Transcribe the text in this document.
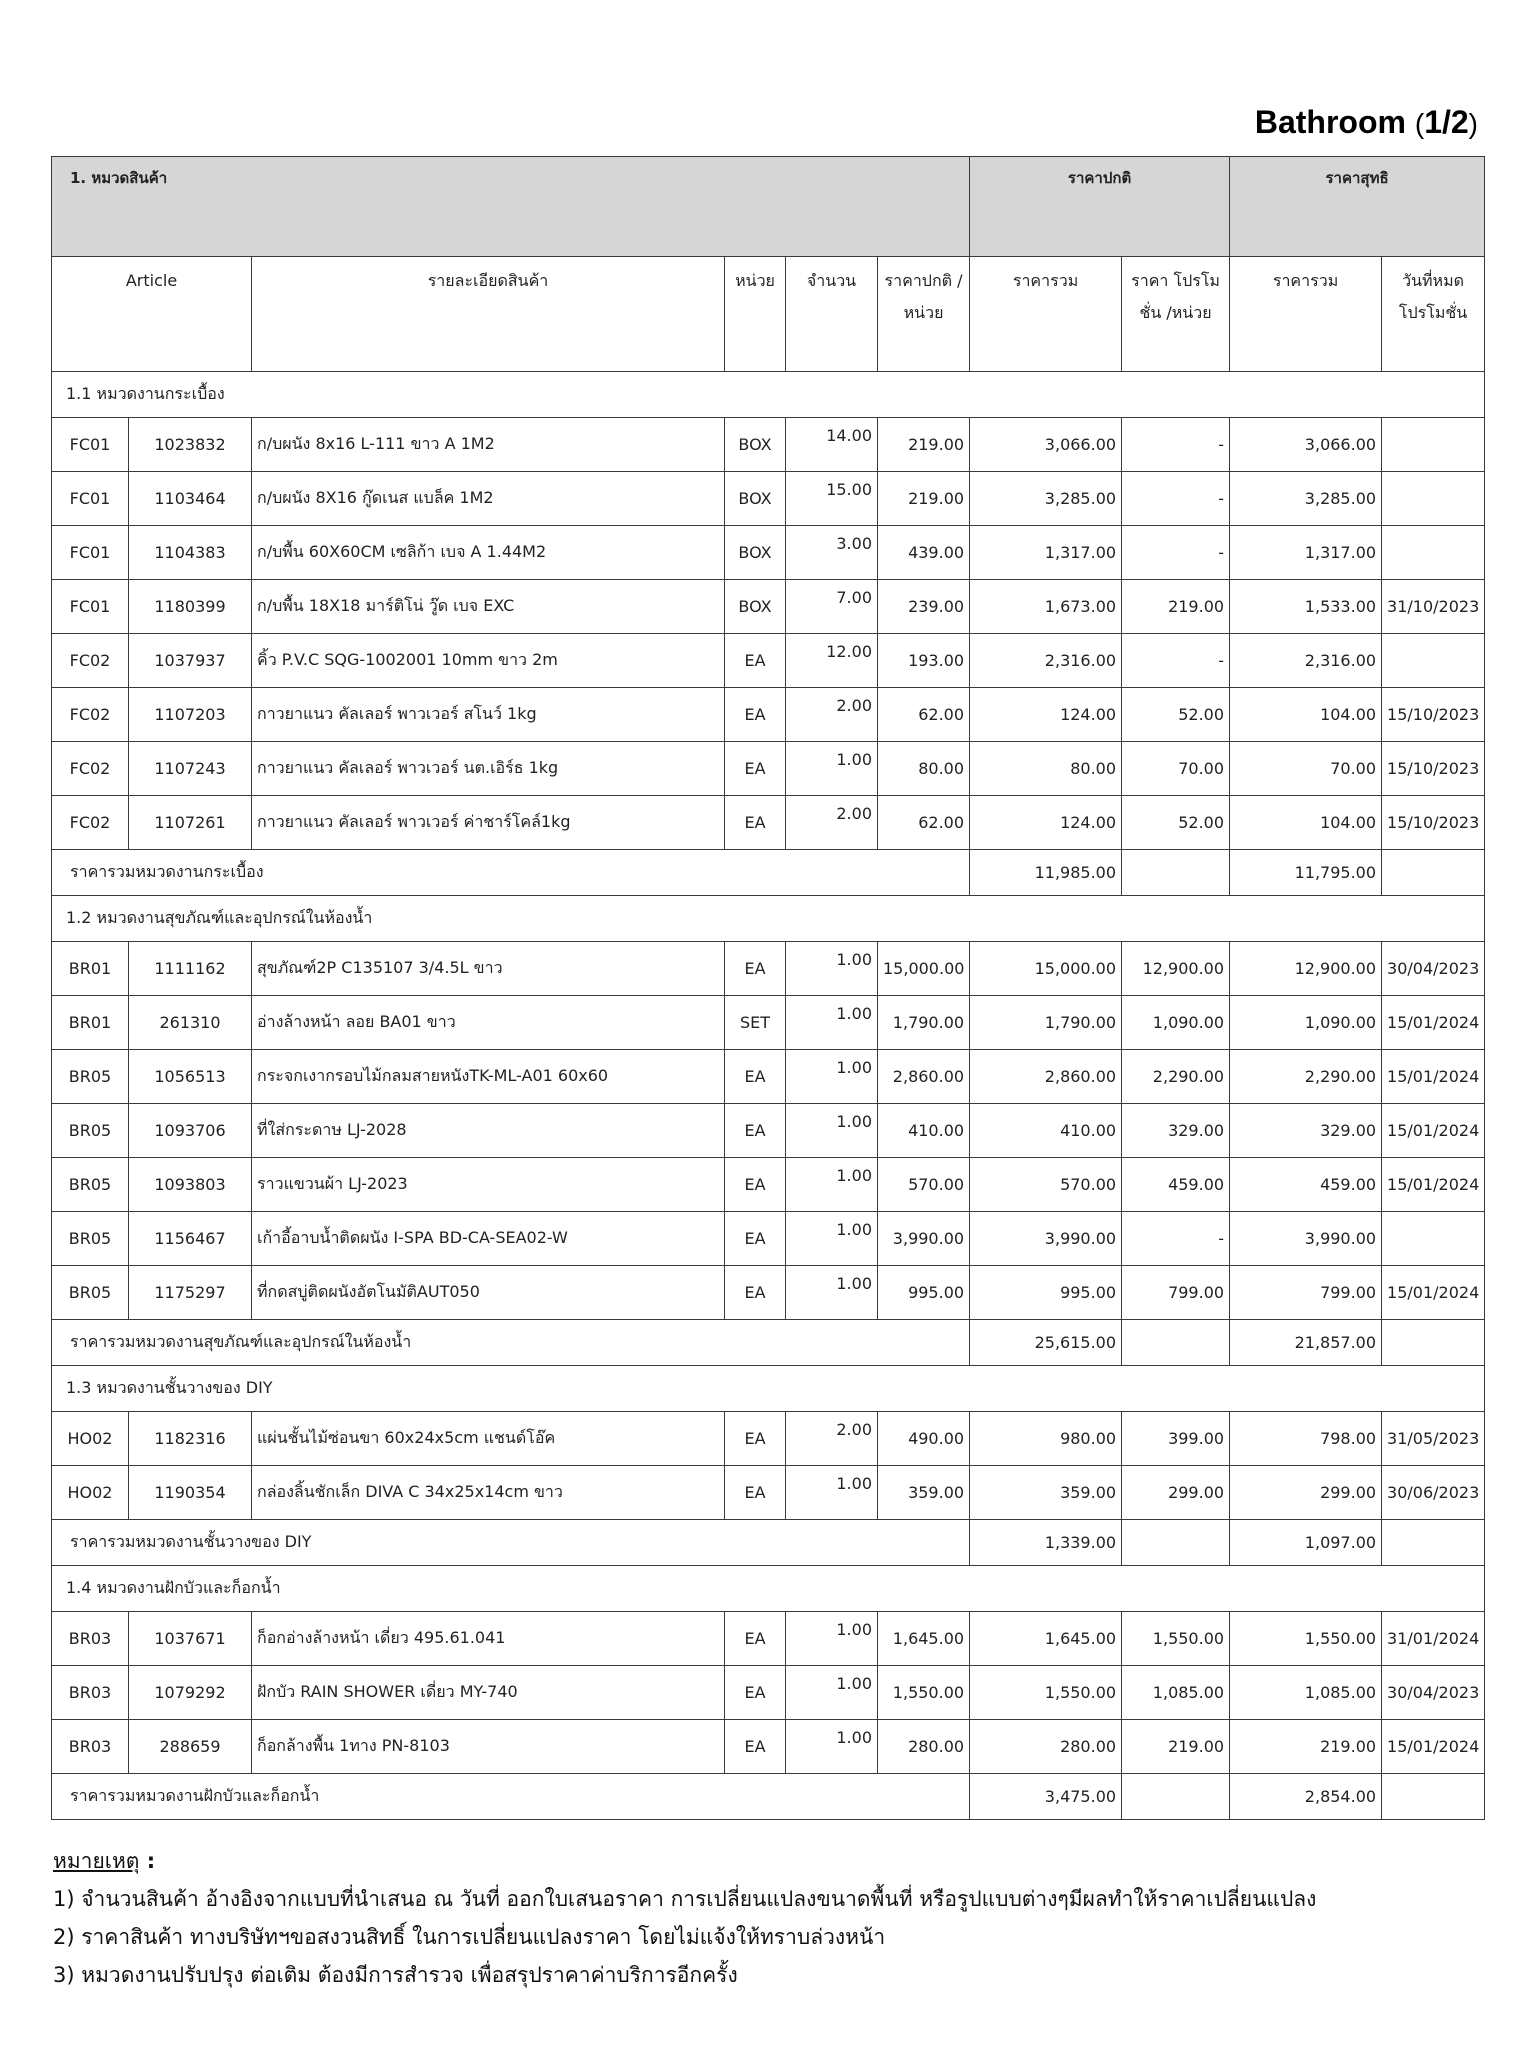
Bathroom (1/2)
1. หมวดสินค้า						ราคาปกติ		ราคาสุทธิ	
Article		รายละเอียดสินค้า	หน่วย	จำนวน	ราคาปกติ /หน่วย	ราคารวม	ราคา โปรโมชั่น /หน่วย	ราคารวม	วันที่หมด โปรโมชั่น
1.1 หมวดงานกระเบื้อง									
FC01	1023832	ก/บผนัง 8x16 L-111 ขาว A 1M2	BOX	14.00	219.00	3,066.00	-	3,066.00	
FC01	1103464	ก/บผนัง 8X16 กู๊ดเนส แบล็ค 1M2	BOX	15.00	219.00	3,285.00	-	3,285.00	
FC01	1104383	ก/บพื้น 60X60CM เซลิก้า เบจ A 1.44M2	BOX	3.00	439.00	1,317.00	-	1,317.00	
FC01	1180399	ก/บพื้น 18X18 มาร์ติโน่ วู๊ด เบจ EXC	BOX	7.00	239.00	1,673.00	219.00	1,533.00	31/10/2023
FC02	1037937	คิ้ว P.V.C SQG-1002001 10mm ขาว 2m	EA	12.00	193.00	2,316.00	-	2,316.00	
FC02	1107203	กาวยาแนว คัลเลอร์ พาวเวอร์ สโนว์ 1kg	EA	2.00	62.00	124.00	52.00	104.00	15/10/2023
FC02	1107243	กาวยาแนว คัลเลอร์ พาวเวอร์ นต.เอิร์ธ 1kg	EA	1.00	80.00	80.00	70.00	70.00	15/10/2023
FC02	1107261	กาวยาแนว คัลเลอร์ พาวเวอร์ ค่าชาร์โคล์1kg	EA	2.00	62.00	124.00	52.00	104.00	15/10/2023
ราคารวมหมวดงานกระเบื้อง						11,985.00		11,795.00	
1.2 หมวดงานสุขภัณฑ์และอุปกรณ์ในห้องน้ำ									
BR01	1111162	สุขภัณฑ์2P C135107 3/4.5L ขาว	EA	1.00	15,000.00	15,000.00	12,900.00	12,900.00	30/04/2023
BR01	261310	อ่างล้างหน้า ลอย BA01 ขาว	SET	1.00	1,790.00	1,790.00	1,090.00	1,090.00	15/01/2024
BR05	1056513	กระจกเงากรอบไม้กลมสายหนังTK-ML-A01 60x60	EA	1.00	2,860.00	2,860.00	2,290.00	2,290.00	15/01/2024
BR05	1093706	ที่ใส่กระดาษ LJ-2028	EA	1.00	410.00	410.00	329.00	329.00	15/01/2024
BR05	1093803	ราวแขวนผ้า LJ-2023	EA	1.00	570.00	570.00	459.00	459.00	15/01/2024
BR05	1156467	เก้าอี้อาบน้ำติดผนัง I-SPA BD-CA-SEA02-W	EA	1.00	3,990.00	3,990.00	-	3,990.00	
BR05	1175297	ที่กดสบู่ติดผนังอัตโนมัติAUT050	EA	1.00	995.00	995.00	799.00	799.00	15/01/2024
ราคารวมหมวดงานสุขภัณฑ์และอุปกรณ์ในห้องน้ำ						25,615.00		21,857.00	
1.3 หมวดงานชั้นวางของ DIY									
HO02	1182316	แผ่นชั้นไม้ซ่อนขา 60x24x5cm แชนด์โอ๊ค	EA	2.00	490.00	980.00	399.00	798.00	31/05/2023
HO02	1190354	กล่องลิ้นชักเล็ก DIVA C 34x25x14cm ขาว	EA	1.00	359.00	359.00	299.00	299.00	30/06/2023
ราคารวมหมวดงานชั้นวางของ DIY						1,339.00		1,097.00	
1.4 หมวดงานฝักบัวและก็อกน้ำ									
BR03	1037671	ก็อกอ่างล้างหน้า เดี่ยว 495.61.041	EA	1.00	1,645.00	1,645.00	1,550.00	1,550.00	31/01/2024
BR03	1079292	ฝักบัว RAIN SHOWER เดี่ยว MY-740	EA	1.00	1,550.00	1,550.00	1,085.00	1,085.00	30/04/2023
BR03	288659	ก็อกล้างพื้น 1ทาง PN-8103	EA	1.00	280.00	280.00	219.00	219.00	15/01/2024
ราคารวมหมวดงานฝักบัวและก็อกน้ำ						3,475.00		2,854.00	
หมายเหตุ :
1) จำนวนสินค้า อ้างอิงจากแบบที่นำเสนอ ณ วันที่ ออกใบเสนอราคา การเปลี่ยนแปลงขนาดพื้นที่ หรือรูปแบบต่างๆมีผลทำให้ราคาเปลี่ยนแปลง
2) ราคาสินค้า ทางบริษัทฯขอสงวนสิทธิ์ ในการเปลี่ยนแปลงราคา โดยไม่แจ้งให้ทราบล่วงหน้า
3) หมวดงานปรับปรุง ต่อเติม ต้องมีการสำรวจ เพื่อสรุปราคาค่าบริการอีกครั้ง
